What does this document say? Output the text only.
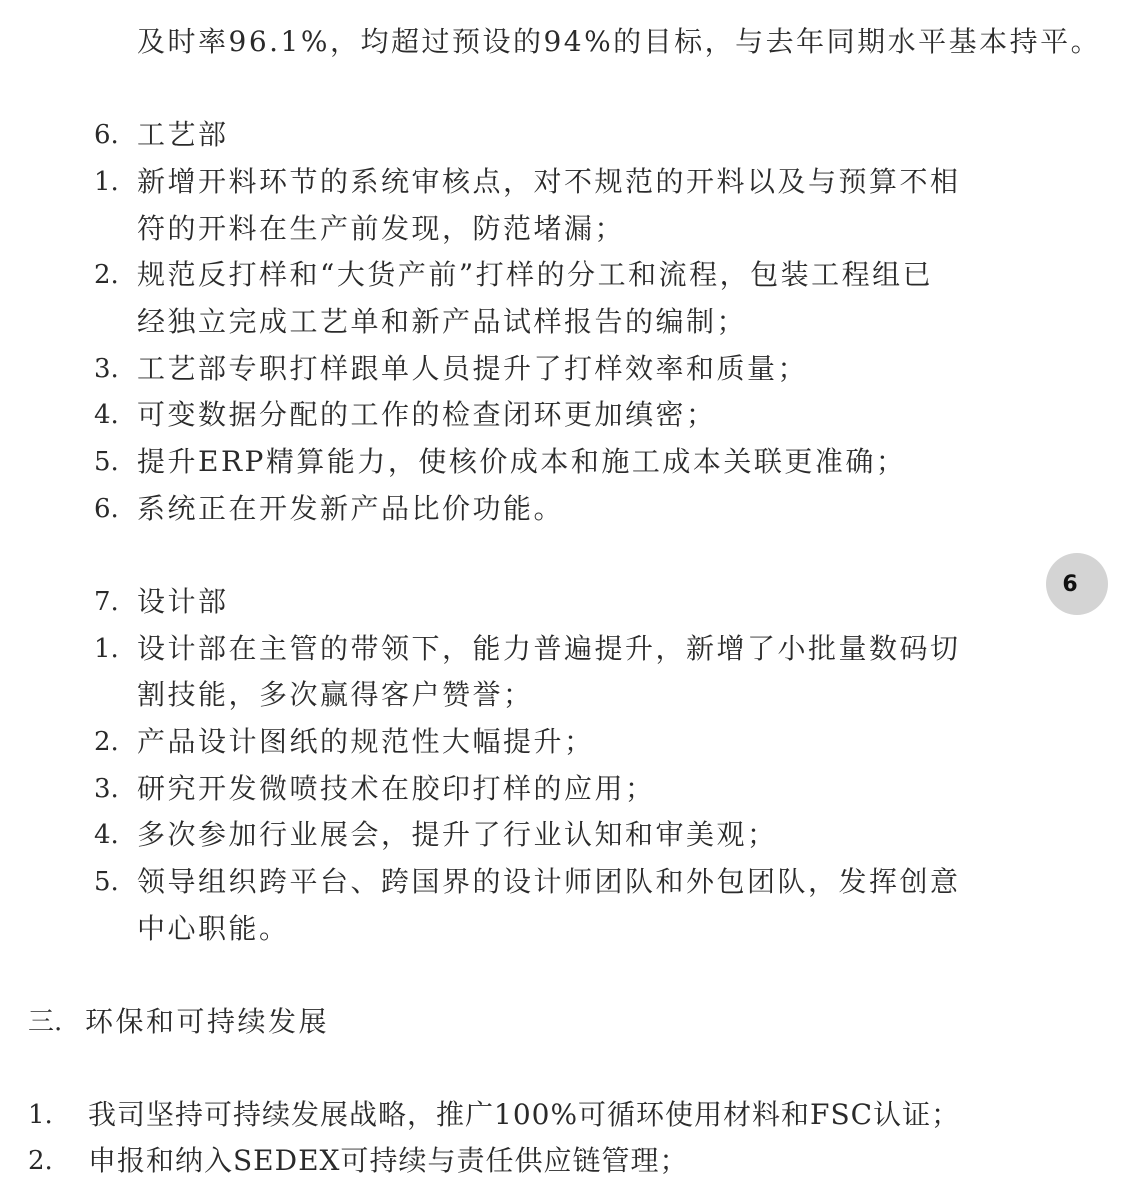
及时率96.1%，均超过预设的94%的目标，与去年同期水平基本持平。
6. 工艺部
1. 新增开料环节的系统审核点，对不规范的开料以及与预算不相
符的开料在生产前发现，防范堵漏；
2. 规范反打样和“大货产前”打样的分工和流程，包装工程组已
经独立完成工艺单和新产品试样报告的编制；
3. 工艺部专职打样跟单人员提升了打样效率和质量；
4. 可变数据分配的工作的检查闭环更加缜密；
5. 提升ERP精算能力，使核价成本和施工成本关联更准确；
6. 系统正在开发新产品比价功能。
6
7. 设计部
1. 设计部在主管的带领下，能力普遍提升，新增了小批量数码切
割技能，多次赢得客户赞誉；
2. 产品设计图纸的规范性大幅提升；
3. 研究开发微喷技术在胶印打样的应用；
4. 多次参加行业展会，提升了行业认知和审美观；
5. 领导组织跨平台、跨国界的设计师团队和外包团队，发挥创意
中心职能。
三. 环保和可持续发展
1. 我司坚持可持续发展战略，推广100%可循环使用材料和FSC认证；
2. 申报和纳入SEDEX可持续与责任供应链管理；
